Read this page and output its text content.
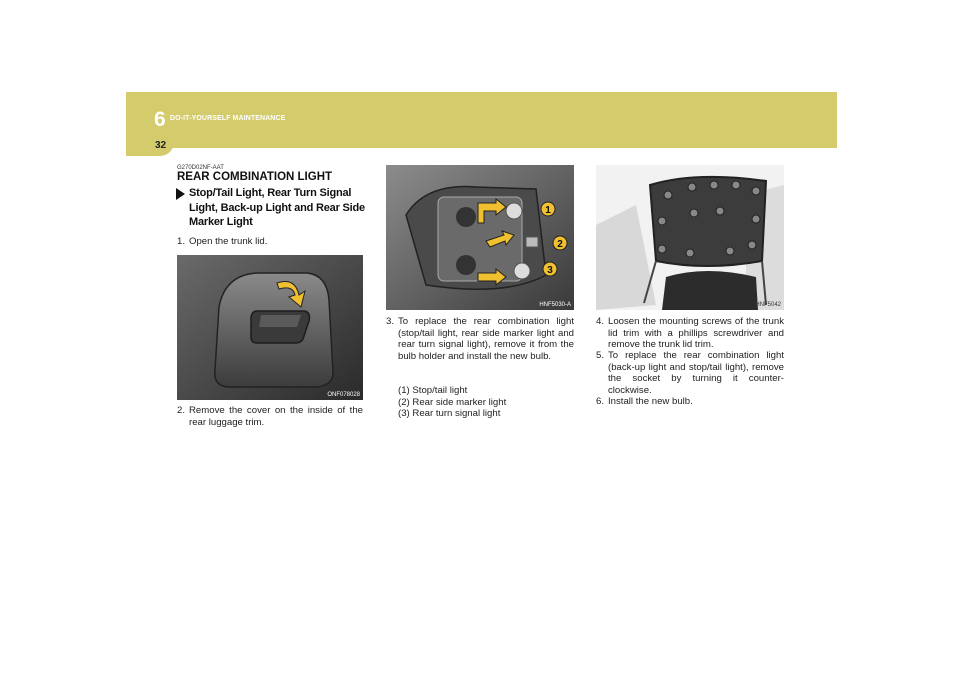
6 DO-IT-YOURSELF MAINTENANCE
32
G270D02NF-AAT
REAR COMBINATION LIGHT
Stop/Tail Light, Rear Turn Signal Light, Back-up Light and Rear Side Marker Light
1. Open the trunk lid.
ONF078028
2. Remove the cover on the inside of the rear luggage trim.
1
2
3
HNF5030-A
3. To replace the rear combination light (stop/tail light, rear side marker light and rear turn signal light), remove it from the bulb holder and install the new bulb.
(1) Stop/tail light
(2) Rear side marker light
(3) Rear turn signal light
HNF5042
4. Loosen the mounting screws of the trunk lid trim with a phillips screwdriver and remove the trunk lid trim.
5. To replace the rear combination light (back-up light and stop/tail light), remove the socket by turning it counter-clockwise.
6. Install the new bulb.
